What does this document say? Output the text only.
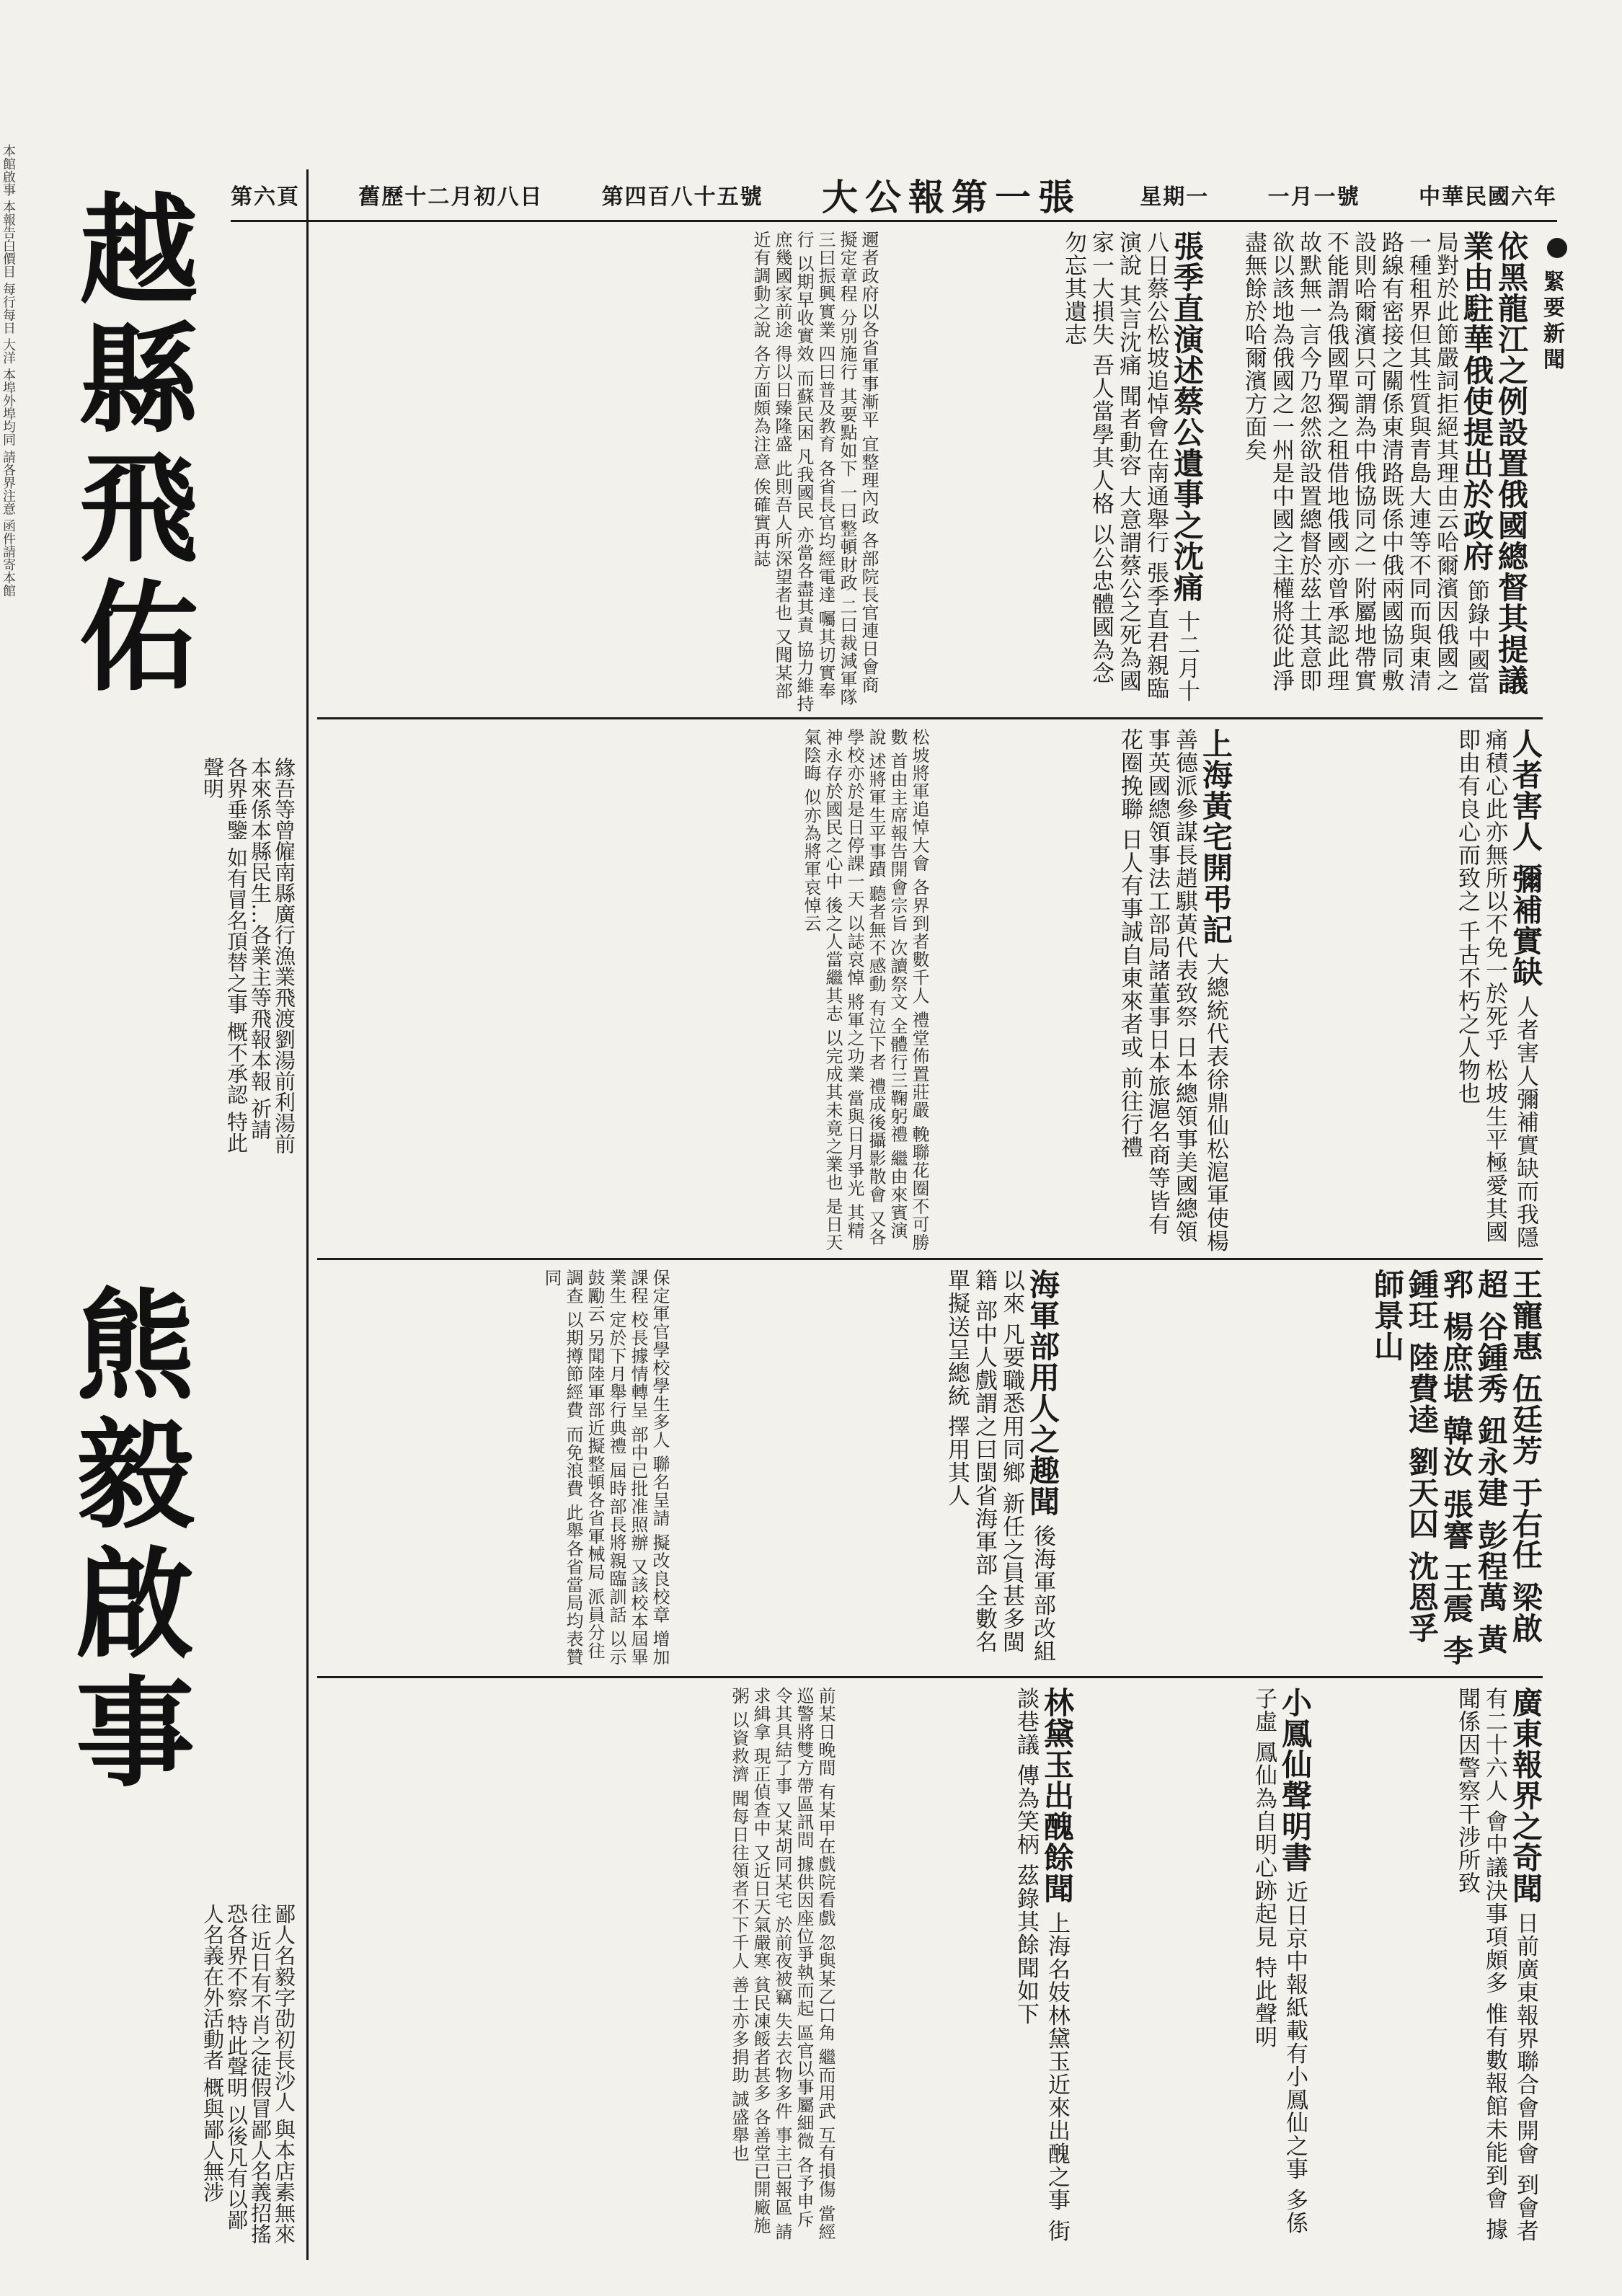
第六頁	舊歷十二月初八日	第四百八十五號 大公報第一張	星期一	一月一號	中華民國六年
本館啟事 本報告白價目 每行每日 大洋 本埠外埠均同 請各界注意 函件請寄本館 越縣飛佑
緣吾等曾僱南縣廣行漁業飛渡劉湯前利湯前本來係本縣民生…各業主等飛報本報 祈請各界垂鑒 如有冒名頂替之事 概不承認 特此聲明
熊毅啟事
鄙人名毅字劭初長沙人 與本店素無來往 近日有不肖之徒假冒鄙人名義招搖 恐各界不察 特此聲明 以後凡有以鄙人名義在外活動者 概與鄙人無涉
緊要新聞
依黑龍江之例設置俄國總督其提議業由駐華俄使提出於政府 節錄中國當局對於此節嚴詞拒絕其理由云哈爾濱因俄國之一種租界但其性質與青島大連等不同而與東清路線有密接之關係東清路既係中俄兩國協同敷設則哈爾濱只可謂為中俄協同之一附屬地帶實不能謂為俄國單獨之租借地俄國亦曾承認此理故默無一言今乃忽然欲設置總督於茲土其意即欲以該地為俄國之一州是中國之主權將從此淨盡無餘於哈爾濱方面矣
張季直演述蔡公遺事之沈痛 十二月十八日蔡公松坡追悼會在南通舉行 張季直君親臨演說 其言沈痛 聞者動容 大意謂蔡公之死為國家一大損失 吾人當學其人格 以公忠體國為念 勿忘其遺志
邇者政府以各省軍事漸平 宜整理內政 各部院長官連日會商 擬定章程 分別施行 其要點如下 一曰整頓財政 二曰裁減軍隊 三曰振興實業 四曰普及教育 各省長官均經電達 囑其切實奉行 以期早收實效 而蘇民困 凡我國民 亦當各盡其責 協力維持 庶幾國家前途 得以日臻隆盛 此則吾人所深望者也 又聞某部近有調動之說 各方面頗為注意 俟確實再誌
人者害人 彌補實缺 人者害人彌補實缺而我隱痛積心此亦無所以不免一於死乎 松坡生平極愛其國即由有良心而致之 千古不朽之人物也
上海黃宅開弔記 大總統代表徐鼎仙松滬軍使楊善德派參謀長趙騏黃代表致祭 日本總領事美國總領事英國總領事法工部局諸董事日本旅滬名商等皆有花圈挽聯 日人有事誠自東來者或 前往行禮
松坡將軍追悼大會 各界到者數千人 禮堂佈置莊嚴 輓聯花圈不可勝數 首由主席報告開會宗旨 次讀祭文 全體行三鞠躬禮 繼由來賓演說 述將軍生平事蹟 聽者無不感動 有泣下者 禮成後攝影散會 又各學校亦於是日停課一天 以誌哀悼 將軍之功業 當與日月爭光 其精神永存於國民之心中 後之人當繼其志 以完成其未竟之業也 是日天氣陰晦 似亦為將軍哀悼云
王寵惠 伍廷芳 于右任 梁啟超 谷鍾秀 鈕永建 彭程萬 黃郛 楊庶堪 韓汝 張謇 王震 李鍾玨 陸費逵 劉天囚 沈恩孚 師景山
海軍部用人之趣聞 後海軍部改組以來 凡要職悉用同鄉 新任之員甚多閩籍 部中人戲謂之曰閩省海軍部 全數名單擬送呈總統 擇用其人
保定軍官學校學生多人 聯名呈請 擬改良校章 增加課程 校長據情轉呈 部中已批准照辦 又該校本屆畢業生 定於下月舉行典禮 屆時部長將親臨訓話 以示鼓勵云 另聞陸軍部近擬整頓各省軍械局 派員分往調查 以期撙節經費 而免浪費 此舉各省當局均表贊同
廣東報界之奇聞 日前廣東報界聯合會開會 到會者有二十六人 會中議決事項頗多 惟有數報館未能到會 據聞係因警察干涉所致
小鳳仙聲明書 近日京中報紙載有小鳳仙之事 多係子虛 鳳仙為自明心跡起見 特此聲明
林黛玉出醜餘聞 上海名妓林黛玉近來出醜之事 街談巷議 傳為笑柄 茲錄其餘聞如下
前某日晚間 有某甲在戲院看戲 忽與某乙口角 繼而用武 互有損傷 當經巡警將雙方帶區訊問 據供因座位爭執而起 區官以事屬細微 各予申斥 令其具結了事 又某胡同某宅 於前夜被竊 失去衣物多件 事主已報區 請求緝拿 現正偵查中 又近日天氣嚴寒 貧民凍餒者甚多 各善堂已開廠施粥 以資救濟 聞每日往領者不下千人 善士亦多捐助 誠盛舉也
